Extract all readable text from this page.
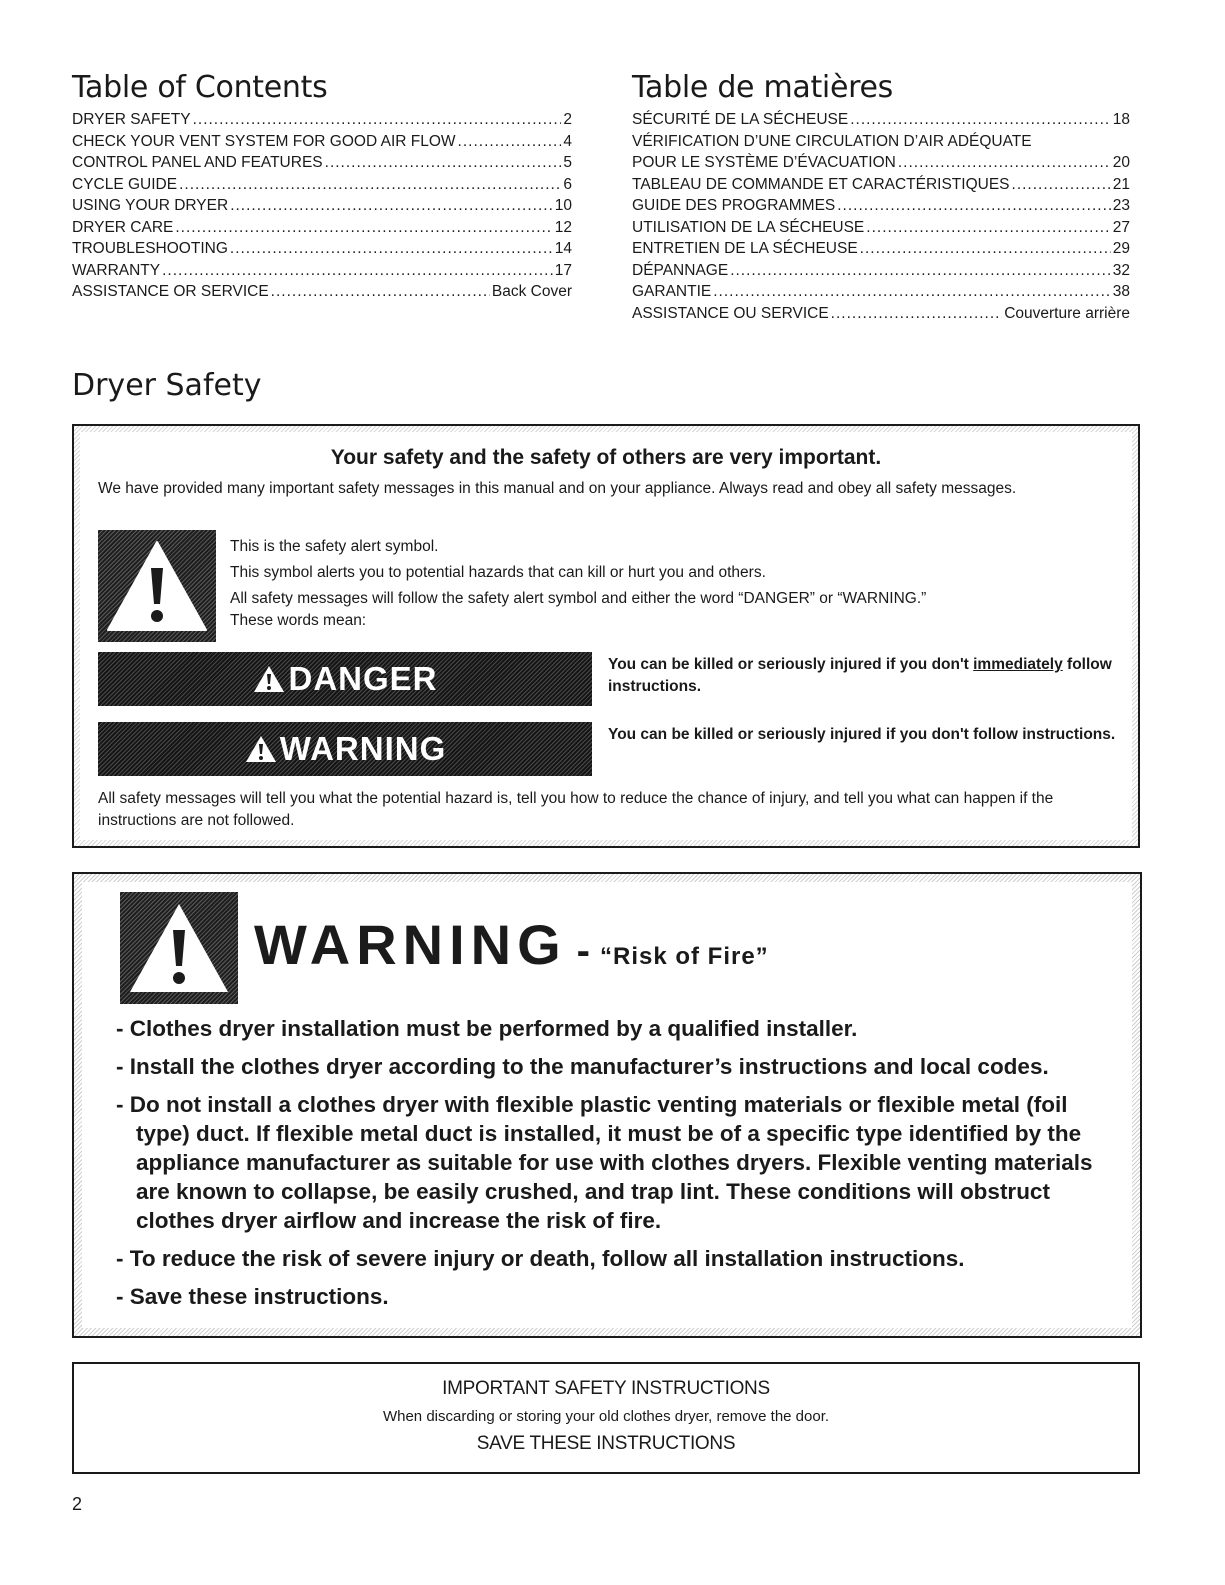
Table of Contents
DRYER SAFETY .....	2
CHECK YOUR VENT SYSTEM FOR GOOD AIR FLOW .....	4
CONTROL PANEL AND FEATURES .....	5
CYCLE GUIDE .....	6
USING YOUR DRYER .....	10
DRYER CARE .....	12
TROUBLESHOOTING .....	14
WARRANTY .....	17
ASSISTANCE OR SERVICE .....	Back Cover
Table de matières
SÉCURITÉ DE LA SÉCHEUSE .....	18
VÉRIFICATION D’UNE CIRCULATION D’AIR ADÉQUATE
POUR LE SYSTÈME D’ÉVACUATION .....	20
TABLEAU DE COMMANDE ET CARACTÉRISTIQUES .....	21
GUIDE DES PROGRAMMES .....	23
UTILISATION DE LA SÉCHEUSE .....	27
ENTRETIEN DE LA SÉCHEUSE .....	29
DÉPANNAGE .....	32
GARANTIE .....	38
ASSISTANCE OU SERVICE .....	Couverture arrière
Dryer Safety
Your safety and the safety of others are very important.
We have provided many important safety messages in this manual and on your appliance. Always read and obey all safety messages.
This is the safety alert symbol.
This symbol alerts you to potential hazards that can kill or hurt you and others.
All safety messages will follow the safety alert symbol and either the word “DANGER” or “WARNING.”
These words mean:
DANGER	You can be killed or seriously injured if you don't immediately follow instructions.
WARNING	You can be killed or seriously injured if you don't follow instructions.
All safety messages will tell you what the potential hazard is, tell you how to reduce the chance of injury, and tell you what can happen if the instructions are not followed.
WARNING - “Risk of Fire”
- Clothes dryer installation must be performed by a qualified installer.
- Install the clothes dryer according to the manufacturer’s instructions and local codes.
- Do not install a clothes dryer with flexible plastic venting materials or flexible metal (foil type) duct. If flexible metal duct is installed, it must be of a specific type identified by the appliance manufacturer as suitable for use with clothes dryers. Flexible venting materials are known to collapse, be easily crushed, and trap lint. These conditions will obstruct clothes dryer airflow and increase the risk of fire.
- To reduce the risk of severe injury or death, follow all installation instructions.
- Save these instructions.
IMPORTANT SAFETY INSTRUCTIONS
When discarding or storing your old clothes dryer, remove the door.
SAVE THESE INSTRUCTIONS
2
